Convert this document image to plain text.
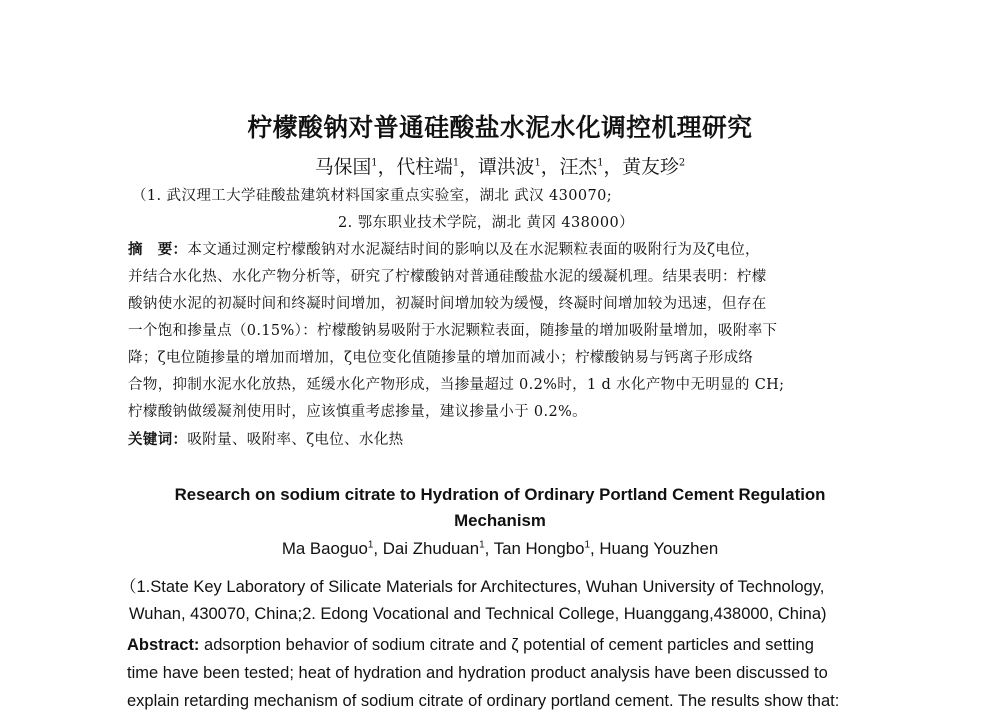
柠檬酸钠对普通硅酸盐水泥水化调控机理研究
马保国$^1$，代柱端$^1$，谭洪波$^1$，汪杰$^1$，黄友珍$^2$
（1. 武汉理工大学硅酸盐建筑材料国家重点实验室，湖北 武汉 430070;
2. 鄂东职业技术学院，湖北 黄冈 438000）
摘　要：本文通过测定柠檬酸钠对水泥凝结时间的影响以及在水泥颗粒表面的吸附行为及ζ电位，
并结合水化热、水化产物分析等，研究了柠檬酸钠对普通硅酸盐水泥的缓凝机理。结果表明：柠檬
酸钠使水泥的初凝时间和终凝时间增加，初凝时间增加较为缓慢，终凝时间增加较为迅速，但存在
一个饱和掺量点（0.15%）：柠檬酸钠易吸附于水泥颗粒表面，随掺量的增加吸附量增加，吸附率下
降；ζ电位随掺量的增加而增加，ζ电位变化值随掺量的增加而减小；柠檬酸钠易与钙离子形成络
合物，抑制水泥水化放热，延缓水化产物形成，当掺量超过 0.2%时，1 d 水化产物中无明显的 CH;
柠檬酸钠做缓凝剂使用时，应该慎重考虑掺量，建议掺量小于 0.2%。
关键词：吸附量、吸附率、ζ电位、水化热
Research on sodium citrate to Hydration of Ordinary Portland Cement Regulation
Mechanism
Ma Baoguo$^1$, Dai Zhuduan$^1$, Tan Hongbo$^1$, Huang Youzhen
（1.State Key Laboratory of Silicate Materials for Architectures, Wuhan University of Technology,
Wuhan, 430070, China;2. Edong Vocational and Technical College, Huanggang,438000, China)
Abstract: adsorption behavior of sodium citrate and ζ potential of cement particles and setting
time have been tested; heat of hydration and hydration product analysis have been discussed to
explain retarding mechanism of sodium citrate of ordinary portland cement. The results show that:
